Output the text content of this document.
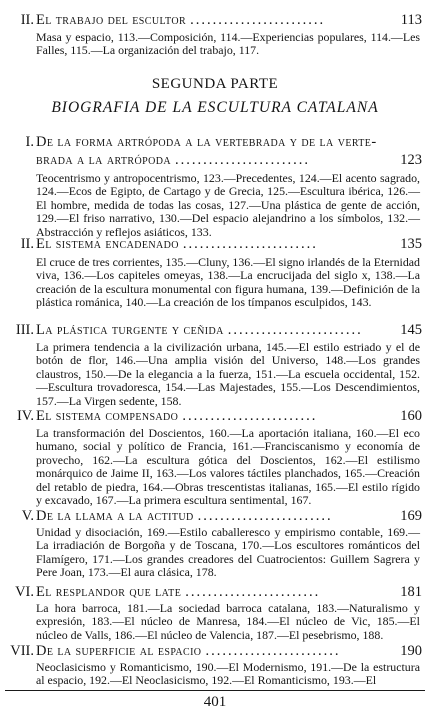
II. El trabajo del escultor ........................	113
Masa y espacio, 113.—Composición, 114.—Experiencias populares, 114.—Les Falles, 115.—La organización del trabajo, 117.
SEGUNDA PARTE
BIOGRAFIA DE LA ESCULTURA CATALANA
I. De la forma artrópoda a la vertebrada y de la verte-
brada a la artrópoda ........................	123
Teocentrismo y antropocentrismo, 123.—Precedentes, 124.—El acento sagrado, 124.—Ecos de Egipto, de Cartago y de Grecia, 125.—Escultura ibérica, 126.—El hombre, medida de todas las cosas, 127.—Una plástica de gente de acción, 129.—El friso narrativo, 130.—Del espacio alejandrino a los símbolos, 132.—Abstracción y reflejos asiáticos, 133.
II. El sistema encadenado ........................	135
El cruce de tres corrientes, 135.—Cluny, 136.—El signo irlandés de la Eternidad viva, 136.—Los capiteles omeyas, 138.—La encrucijada del siglo x, 138.—La creación de la escultura monumental con figura humana, 139.—Definición de la plástica románica, 140.—La creación de los tímpanos esculpidos, 143.
III. La plástica turgente y ceñida ........................	145
La primera tendencia a la civilización urbana, 145.—El estilo estriado y el de botón de flor, 146.—Una amplia visión del Universo, 148.—Los grandes claustros, 150.—De la elegancia a la fuerza, 151.—La escuela occidental, 152.—Escultura trovadoresca, 154.—Las Majestades, 155.—Los Descendimientos, 157.—La Virgen sedente, 158.
IV. El sistema compensado ........................	160
La transformación del Doscientos, 160.—La aportación italiana, 160.—El eco humano, social y político de Francia, 161.—Franciscanismo y economía de provecho, 162.—La escultura gótica del Doscientos, 162.—El estilismo monárquico de Jaime II, 163.—Los valores táctiles planchados, 165.—Creación del retablo de piedra, 164.—Obras trescentistas italianas, 165.—El estilo rígido y excavado, 167.—La primera escultura sentimental, 167.
V. De la llama a la actitud ........................	169
Unidad y disociación, 169.—Estilo caballeresco y empirismo contable, 169.—La irradiación de Borgoña y de Toscana, 170.—Los escultores románticos del Flamígero, 171.—Los grandes creadores del Cuatrocientos: Guillem Sagrera y Pere Joan, 173.—El aura clásica, 178.
VI. El resplandor que late ........................	181
La hora barroca, 181.—La sociedad barroca catalana, 183.—Naturalismo y expresión, 183.—El núcleo de Manresa, 184.—El núcleo de Vic, 185.—El núcleo de Valls, 186.—El núcleo de Valencia, 187.—El pesebrismo, 188.
VII. De la superficie al espacio ........................	190
Neoclasicismo y Romanticismo, 190.—El Modernismo, 191.—De la estructura al espacio, 192.—El Neoclasicismo, 192.—El Romanticismo, 193.—El
401
